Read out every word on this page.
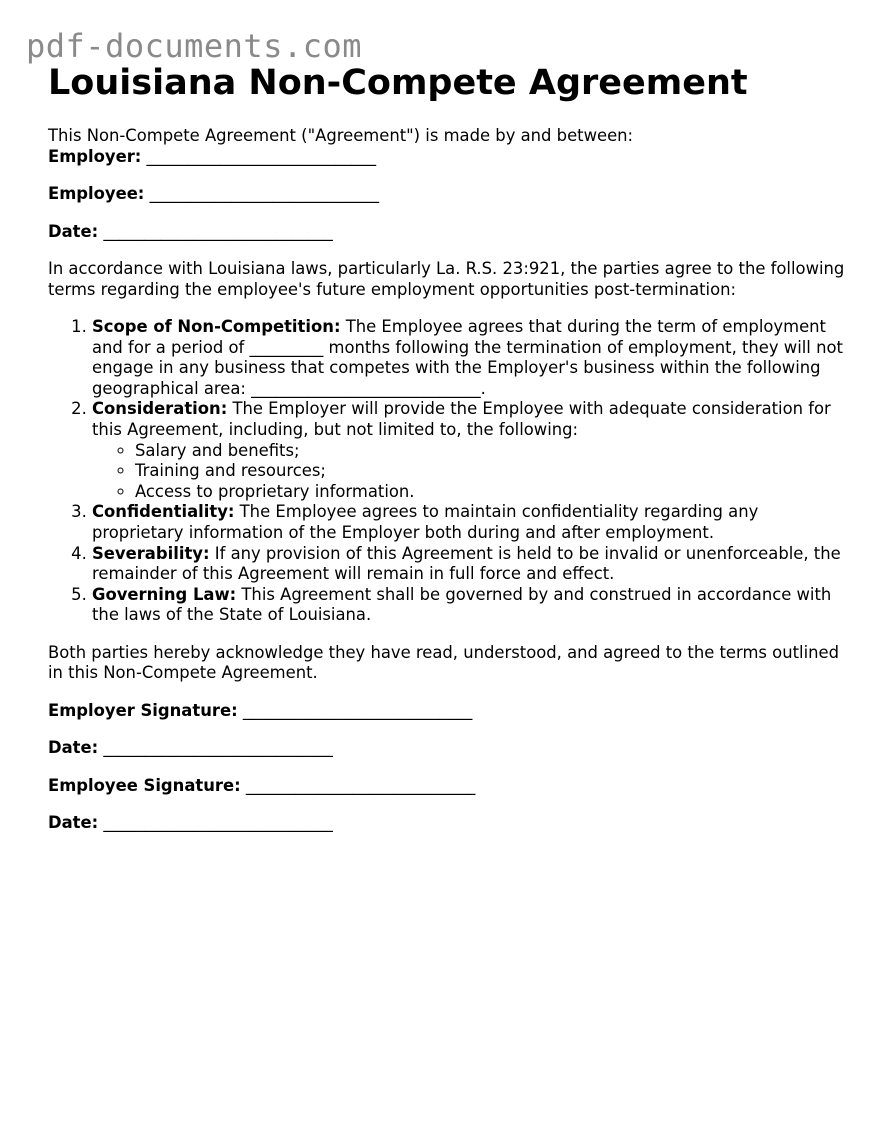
pdf-documents.com
Louisiana Non-Compete Agreement

This Non-Compete Agreement ("Agreement") is made by and between:

Employer: ____________________________

Employee: ____________________________

Date: ____________________________

In accordance with Louisiana laws, particularly La. R.S. 23:921, the parties agree to the following terms regarding the employee's future employment opportunities post-termination:

1. Scope of Non-Competition: The Employee agrees that during the term of employment and for a period of _________ months following the termination of employment, they will not engage in any business that competes with the Employer's business within the following geographical area: ____________________________.
2. Consideration: The Employer will provide the Employee with adequate consideration for this Agreement, including, but not limited to, the following:
◦ Salary and benefits;
◦ Training and resources;
◦ Access to proprietary information.
3. Confidentiality: The Employee agrees to maintain confidentiality regarding any proprietary information of the Employer both during and after employment.
4. Severability: If any provision of this Agreement is held to be invalid or unenforceable, the remainder of this Agreement will remain in full force and effect.
5. Governing Law: This Agreement shall be governed by and construed in accordance with the laws of the State of Louisiana.

Both parties hereby acknowledge they have read, understood, and agreed to the terms outlined in this Non-Compete Agreement.

Employer Signature: ____________________________

Date: ____________________________

Employee Signature: ____________________________

Date: ____________________________
